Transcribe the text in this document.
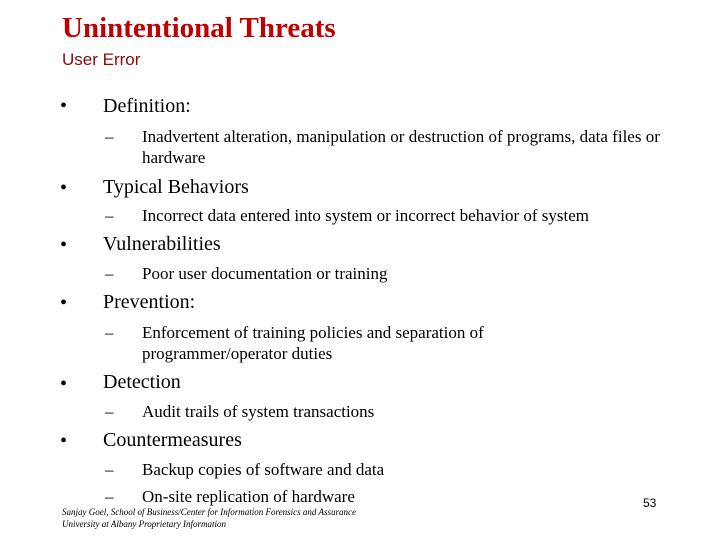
Unintentional Threats
User Error
• Definition:
– Inadvertent alteration, manipulation or destruction of programs, data files or hardware
• Typical Behaviors
– Incorrect data entered into system or incorrect behavior of system
• Vulnerabilities
– Poor user documentation or training
• Prevention:
– Enforcement of training policies and separation of programmer/operator duties
• Detection
– Audit trails of system transactions
• Countermeasures
– Backup copies of software and data
– On-site replication of hardware
Sanjay Goel, School of Business/Center for Information Forensics and Assurance
University at Albany Proprietary Information
53
